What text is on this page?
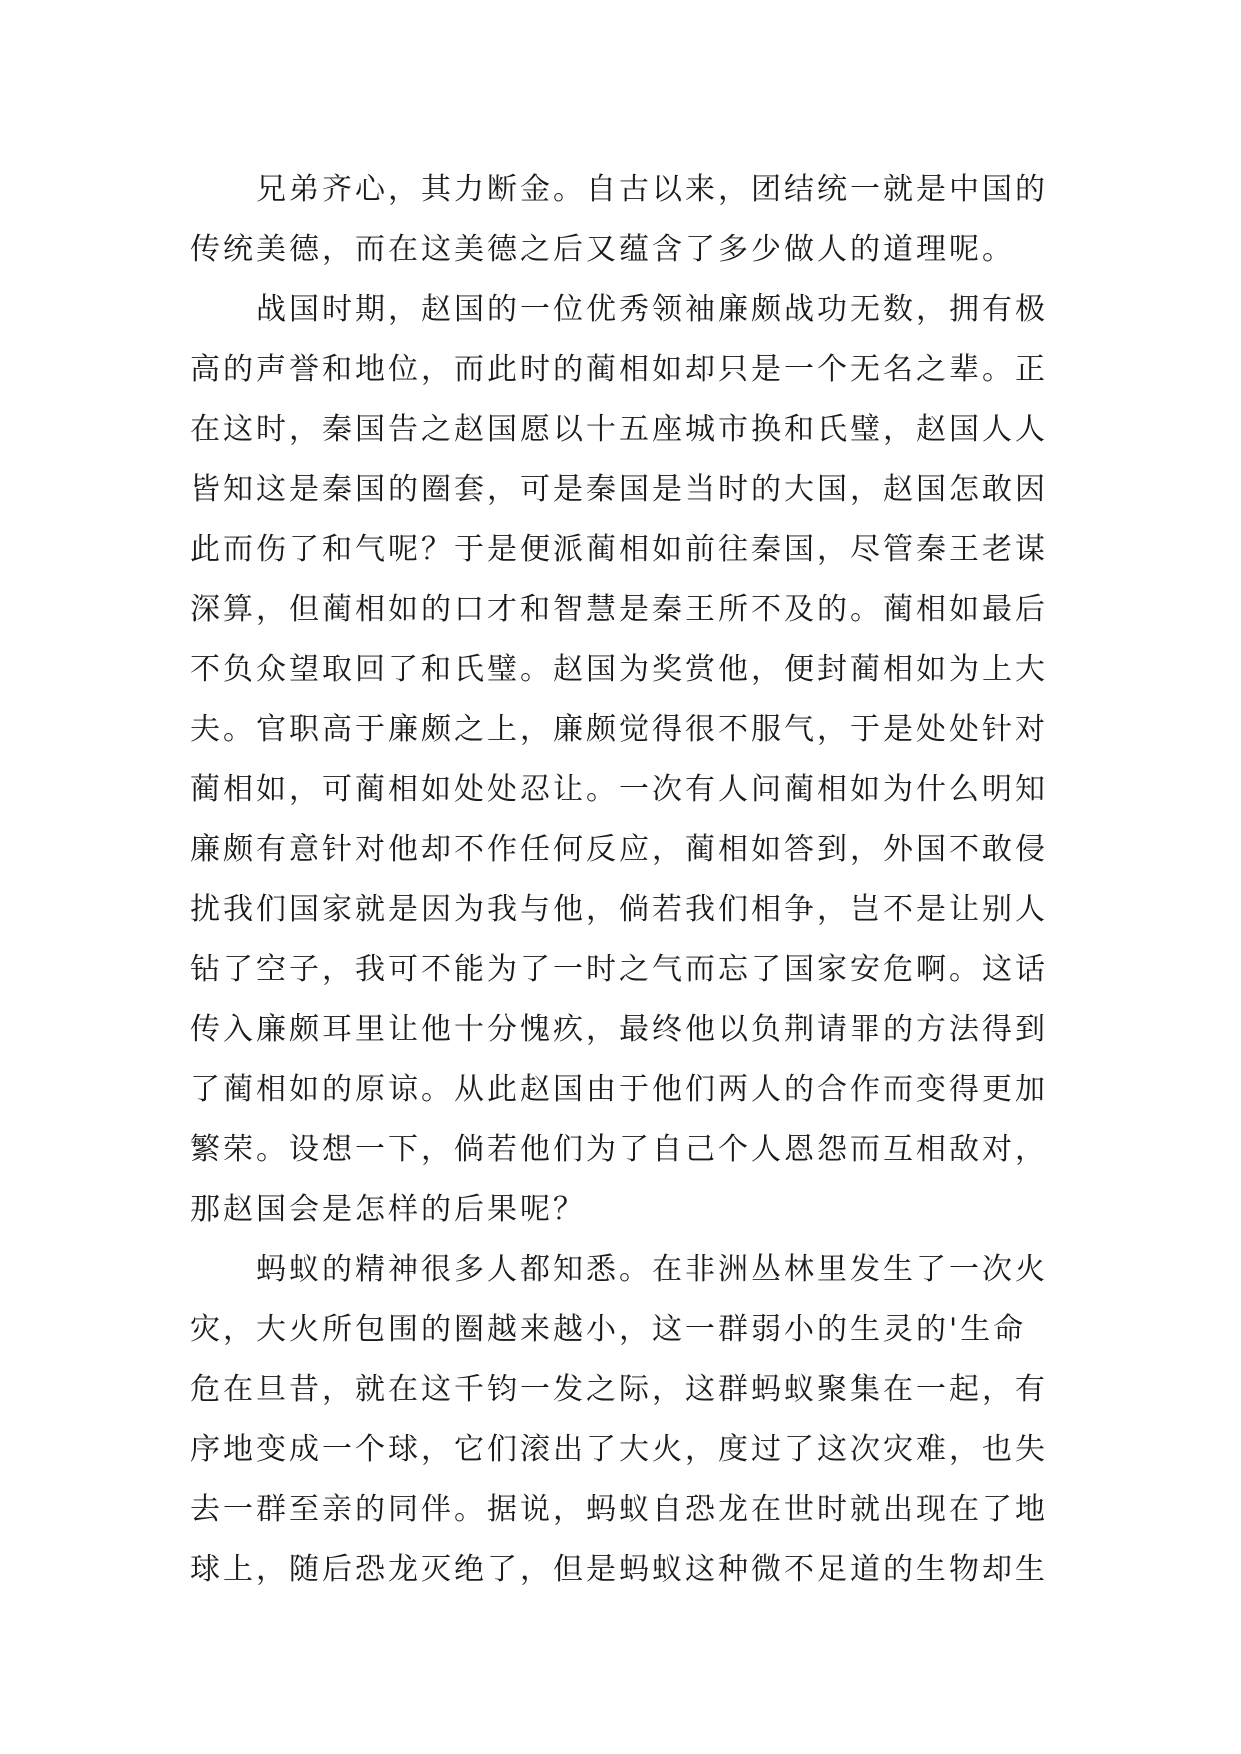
　　兄弟齐心，其力断金。自古以来，团结统一就是中国的
传统美德，而在这美德之后又蕴含了多少做人的道理呢。
　　战国时期，赵国的一位优秀领袖廉颇战功无数，拥有极
高的声誉和地位，而此时的蔺相如却只是一个无名之辈。正
在这时，秦国告之赵国愿以十五座城市换和氏璧，赵国人人
皆知这是秦国的圈套，可是秦国是当时的大国，赵国怎敢因
此而伤了和气呢？于是便派蔺相如前往秦国，尽管秦王老谋
深算，但蔺相如的口才和智慧是秦王所不及的。蔺相如最后
不负众望取回了和氏璧。赵国为奖赏他，便封蔺相如为上大
夫。官职高于廉颇之上，廉颇觉得很不服气，于是处处针对
蔺相如，可蔺相如处处忍让。一次有人问蔺相如为什么明知
廉颇有意针对他却不作任何反应，蔺相如答到，外国不敢侵
扰我们国家就是因为我与他，倘若我们相争，岂不是让别人
钻了空子，我可不能为了一时之气而忘了国家安危啊。这话
传入廉颇耳里让他十分愧疚，最终他以负荆请罪的方法得到
了蔺相如的原谅。从此赵国由于他们两人的合作而变得更加
繁荣。设想一下，倘若他们为了自己个人恩怨而互相敌对，
那赵国会是怎样的后果呢？
　　蚂蚁的精神很多人都知悉。在非洲丛林里发生了一次火
灾，大火所包围的圈越来越小，这一群弱小的生灵的'生命
危在旦昔，就在这千钧一发之际，这群蚂蚁聚集在一起，有
序地变成一个球，它们滚出了大火，度过了这次灾难，也失
去一群至亲的同伴。据说，蚂蚁自恐龙在世时就出现在了地
球上，随后恐龙灭绝了，但是蚂蚁这种微不足道的生物却生
